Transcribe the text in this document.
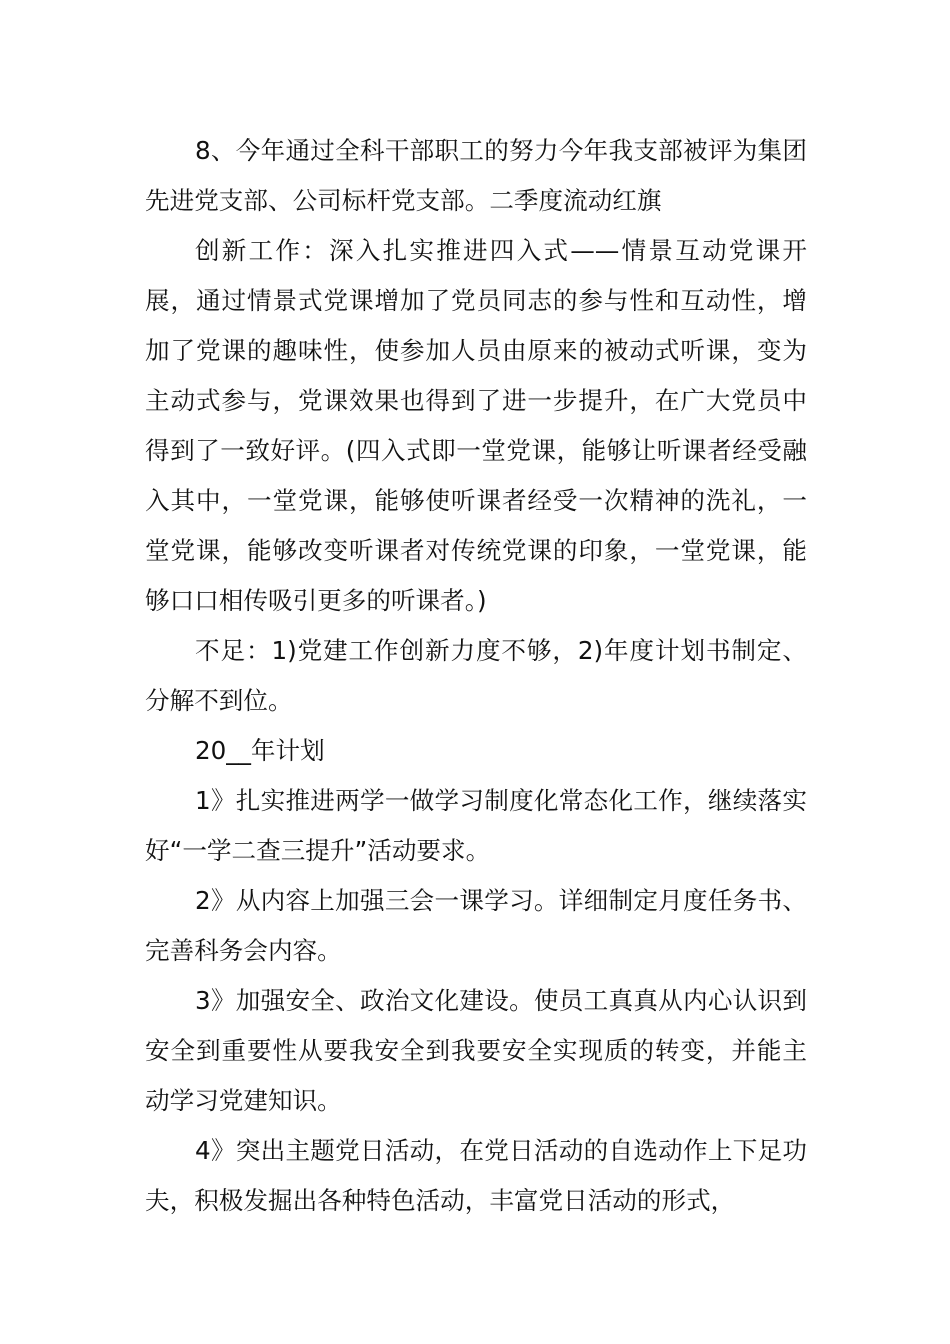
8、今年通过全科干部职工的努力今年我支部被评为集团先进党支部、公司标杆党支部。二季度流动红旗

创新工作：深入扎实推进四入式——情景互动党课开展，通过情景式党课增加了党员同志的参与性和互动性，增加了党课的趣味性，使参加人员由原来的被动式听课，变为主动式参与，党课效果也得到了进一步提升，在广大党员中得到了一致好评。(四入式即一堂党课，能够让听课者经受融入其中，一堂党课，能够使听课者经受一次精神的洗礼，一堂党课，能够改变听课者对传统党课的印象，一堂党课，能够口口相传吸引更多的听课者。)

不足：1)党建工作创新力度不够，2)年度计划书制定、分解不到位。

20__年计划

1》扎实推进两学一做学习制度化常态化工作，继续落实好“一学二查三提升”活动要求。

2》从内容上加强三会一课学习。详细制定月度任务书、完善科务会内容。

3》加强安全、政治文化建设。使员工真真从内心认识到安全到重要性从要我安全到我要安全实现质的转变，并能主动学习党建知识。

4》突出主题党日活动，在党日活动的自选动作上下足功夫，积极发掘出各种特色活动，丰富党日活动的形式，
